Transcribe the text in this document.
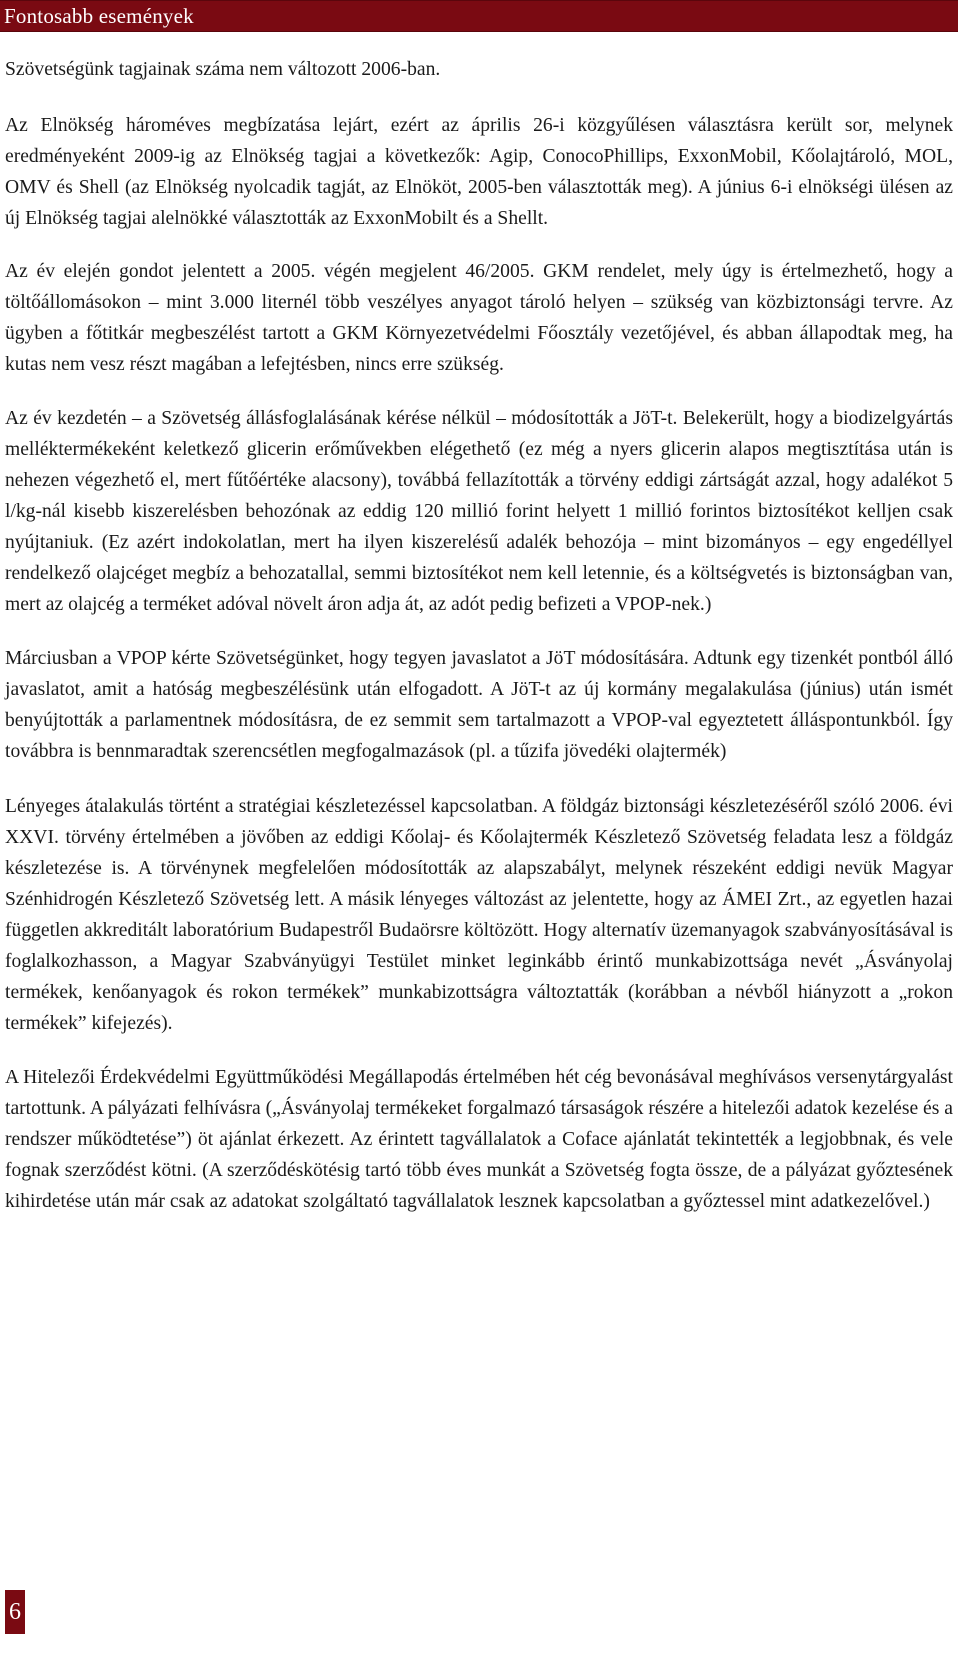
Fontosabb események

Szövetségünk tagjainak száma nem változott 2006-ban.

Az Elnökség hároméves megbízatása lejárt, ezért az április 26-i közgyűlésen választásra került sor, melynek eredményeként 2009-ig az Elnökség tagjai a következők: Agip, ConocoPhillips, ExxonMobil, Kőolajtároló, MOL, OMV és Shell (az Elnökség nyolcadik tagját, az Elnököt, 2005-ben választották meg). A június 6-i elnökségi ülésen az új Elnökség tagjai alelnökké választották az ExxonMobilt és a Shellt.

Az év elején gondot jelentett a 2005. végén megjelent 46/2005. GKM rendelet, mely úgy is értelmezhető, hogy a töltőállomásokon – mint 3.000 liternél több veszélyes anyagot tároló helyen – szükség van közbiztonsági tervre. Az ügyben a főtitkár megbeszélést tartott a GKM Környezetvédelmi Főosztály vezetőjével, és abban állapodtak meg, ha kutas nem vesz részt magában a lefejtésben, nincs erre szükség.

Az év kezdetén – a Szövetség állásfoglalásának kérése nélkül – módosították a JöT-t. Belekerült, hogy a biodizelgyártás melléktermékeként keletkező glicerin erőművekben elégethető (ez még a nyers glicerin alapos megtisztítása után is nehezen végezhető el, mert fűtőértéke alacsony), továbbá fellazították a törvény eddigi zártságát azzal, hogy adalékot 5 l/kg-nál kisebb kiszerelésben behozónak az eddig 120 millió forint helyett 1 millió forintos biztosítékot kelljen csak nyújtaniuk. (Ez azért indokolatlan, mert ha ilyen kiszerelésű adalék behozója – mint bizományos – egy engedéllyel rendelkező olajcéget megbíz a behozatallal, semmi biztosítékot nem kell letennie, és a költségvetés is biztonságban van, mert az olajcég a terméket adóval növelt áron adja át, az adót pedig befizeti a VPOP-nek.)

Márciusban a VPOP kérte Szövetségünket, hogy tegyen javaslatot a JöT módosítására. Adtunk egy tizenkét pontból álló javaslatot, amit a hatóság megbeszélésünk után elfogadott. A JöT-t az új kormány megalakulása (június) után ismét benyújtották a parlamentnek módosításra, de ez semmit sem tartalmazott a VPOP-val egyeztetett álláspontunkból. Így továbbra is bennmaradtak szerencsétlen megfogalmazások (pl. a tűzifa jövedéki olajtermék)

Lényeges átalakulás történt a stratégiai készletezéssel kapcsolatban. A földgáz biztonsági készletezéséről szóló 2006. évi XXVI. törvény értelmében a jövőben az eddigi Kőolaj- és Kőolajtermék Készletező Szövetség feladata lesz a földgáz készletezése is. A törvénynek megfelelően módosították az alapszabályt, melynek részeként eddigi nevük Magyar Szénhidrogén Készletező Szövetség lett. A másik lényeges változást az jelentette, hogy az ÁMEI Zrt., az egyetlen hazai független akkreditált laboratórium Budapestről Budaörsre költözött. Hogy alternatív üzemanyagok szabványosításával is foglalkozhasson, a Magyar Szabványügyi Testület minket leginkább érintő munkabizottsága nevét „Ásványolaj termékek, kenőanyagok és rokon termékek” munkabizottságra változtatták (korábban a névből hiányzott a „rokon termékek” kifejezés).

A Hitelezői Érdekvédelmi Együttműködési Megállapodás értelmében hét cég bevonásával meghívásos versenytárgyalást tartottunk. A pályázati felhívásra („Ásványolaj termékeket forgalmazó társaságok részére a hitelezői adatok kezelése és a rendszer működtetése”) öt ajánlat érkezett. Az érintett tagvállalatok a Coface ajánlatát tekintették a legjobbnak, és vele fognak szerződést kötni. (A szerződéskötésig tartó több éves munkát a Szövetség fogta össze, de a pályázat győztesének kihirdetése után már csak az adatokat szolgáltató tagvállalatok lesznek kapcsolatban a győztessel mint adatkezelővel.)

6
